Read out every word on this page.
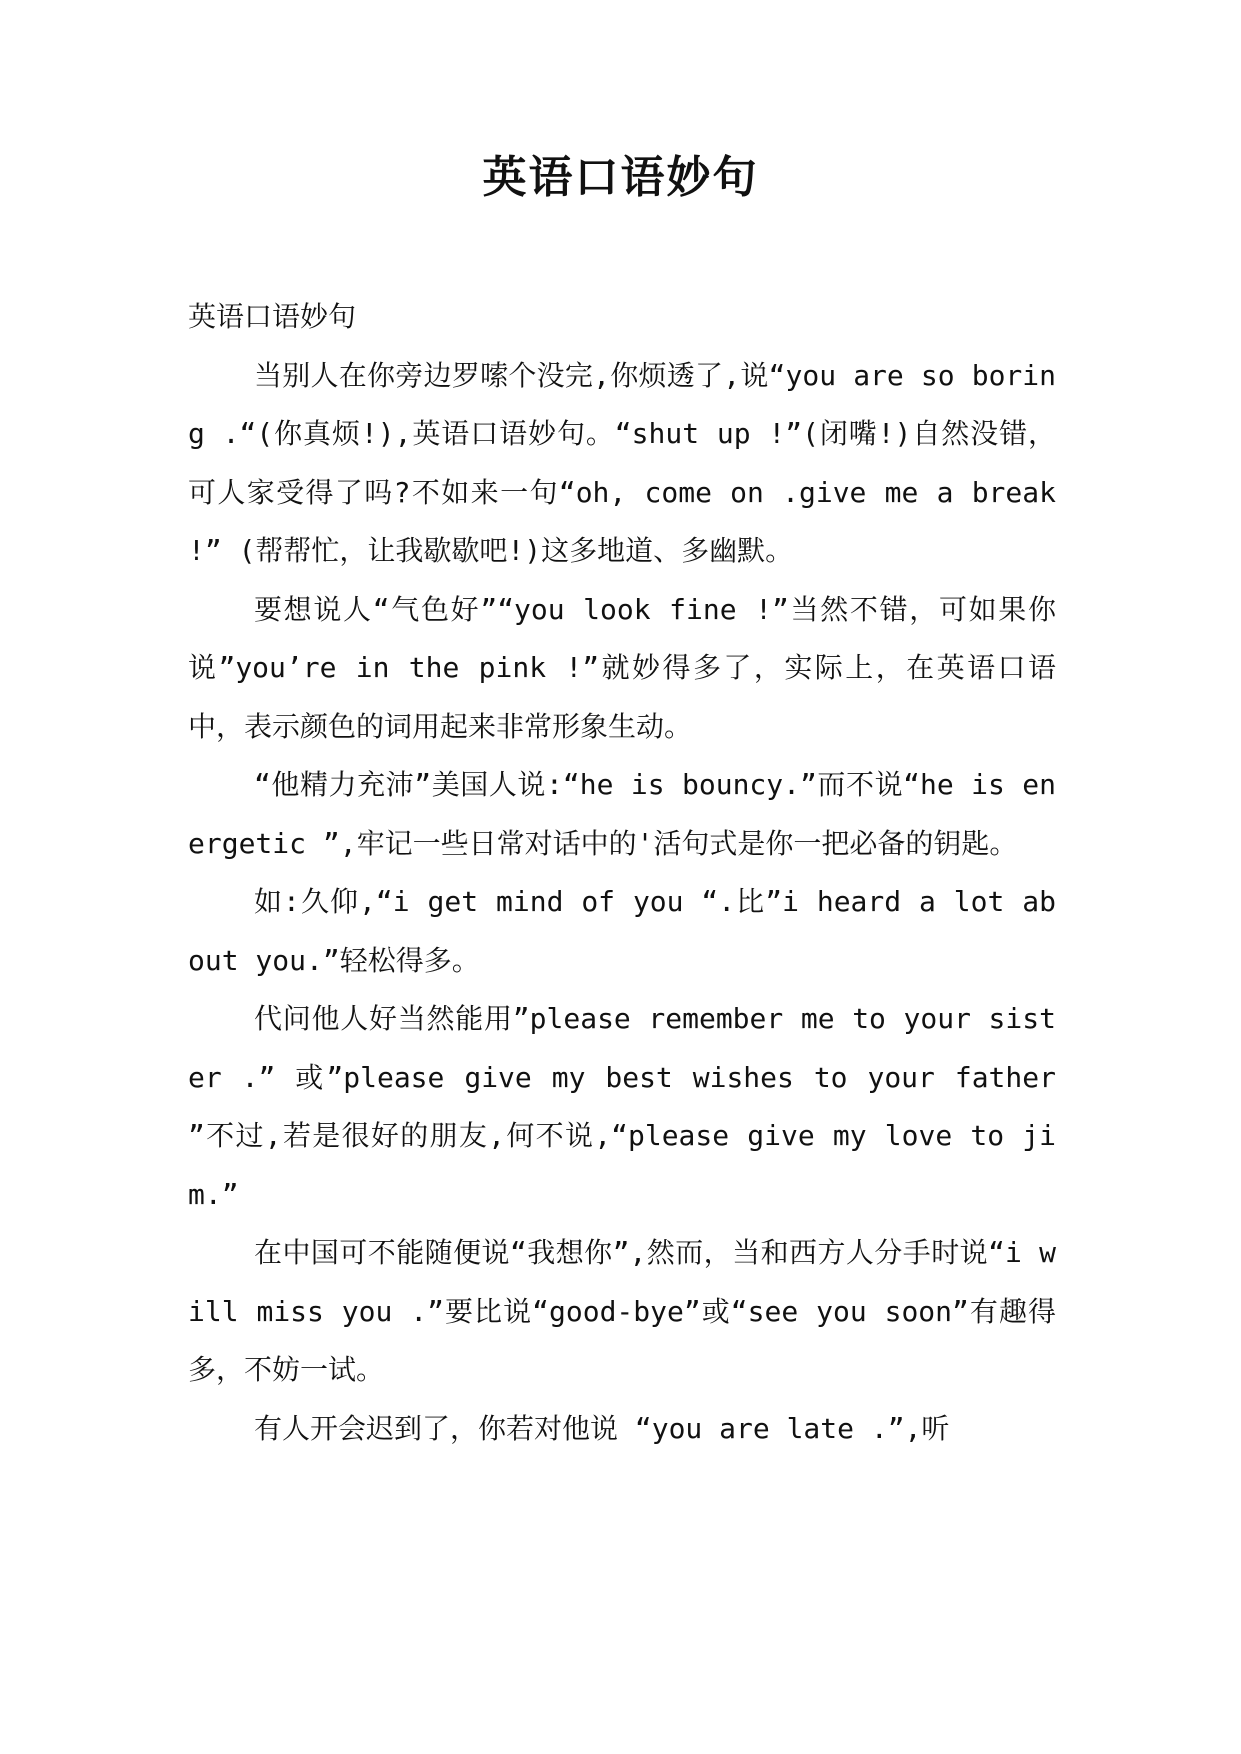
英语口语妙句

英语口语妙句

当别人在你旁边罗嗦个没完,你烦透了,说“you are so boring .“(你真烦!),英语口语妙句。“shut up !”(闭嘴!)自然没错，可人家受得了吗?不如来一句“oh, come on .give me a break !” (帮帮忙，让我歇歇吧!)这多地道、多幽默。

要想说人“气色好”“you look fine !”当然不错，可如果你说”you’re in the pink !”就妙得多了，实际上，在英语口语中，表示颜色的词用起来非常形象生动。

“他精力充沛”美国人说:“he is bouncy.”而不说“he is energetic ”,牢记一些日常对话中的'活句式是你一把必备的钥匙。

如:久仰,“i get mind of you “.比”i heard a lot about you.”轻松得多。

代问他人好当然能用”please remember me to your sister .” 或”please give my best wishes to your father ”不过,若是很好的朋友,何不说,“please give my love to jim.”

在中国可不能随便说“我想你”,然而，当和西方人分手时说“i will miss you .”要比说“good-bye”或“see you soon”有趣得多，不妨一试。

有人开会迟到了，你若对他说 “you are late .”,听
